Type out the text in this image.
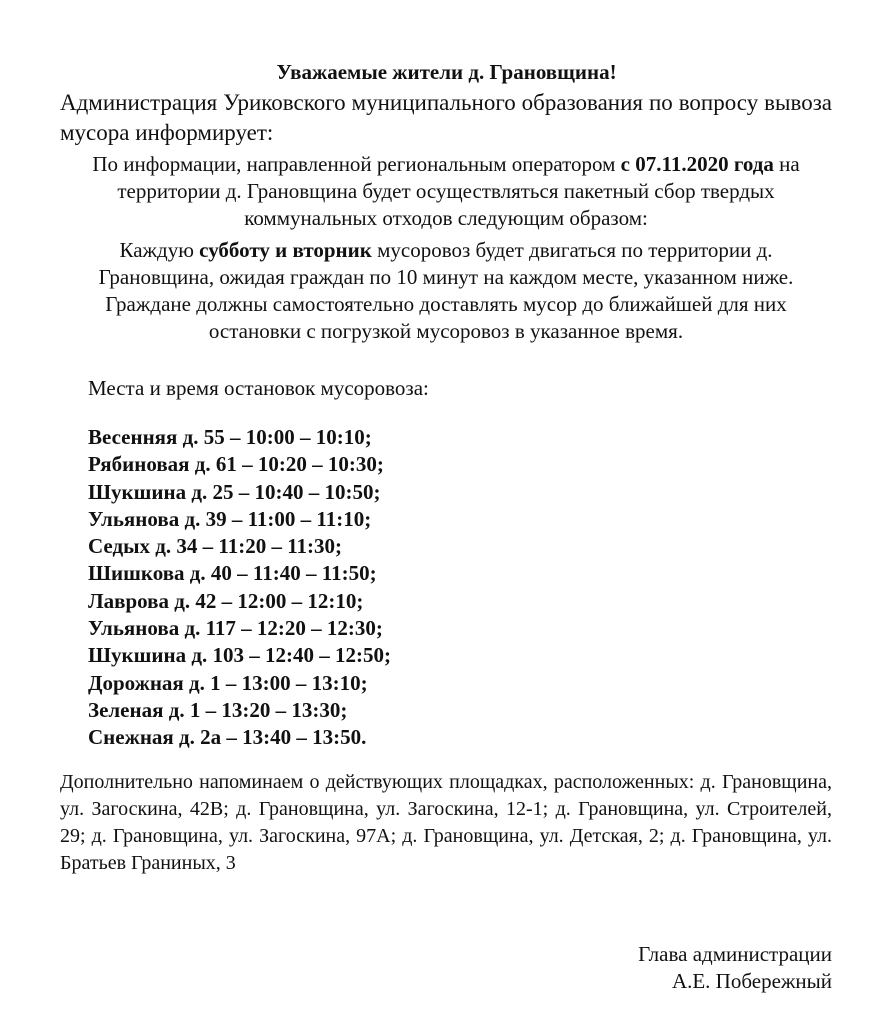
Уважаемые жители д. Грановщина!
Администрация Уриковского муниципального образования по вопросу вывоза мусора информирует:
По информации, направленной региональным оператором с 07.11.2020 года на территории д. Грановщина будет осуществляться пакетный сбор твердых коммунальных отходов следующим образом:
Каждую субботу и вторник мусоровоз будет двигаться по территории д. Грановщина, ожидая граждан по 10 минут на каждом месте, указанном ниже. Граждане должны самостоятельно доставлять мусор до ближайшей для них остановки с погрузкой мусоровоз в указанное время.
Места и время остановок мусоровоза:
Весенняя д. 55 – 10:00 – 10:10;
Рябиновая д. 61 – 10:20 – 10:30;
Шукшина д. 25 – 10:40 – 10:50;
Ульянова д. 39 – 11:00 – 11:10;
Седых д. 34 – 11:20 – 11:30;
Шишкова д. 40 – 11:40 – 11:50;
Лаврова д. 42 – 12:00 – 12:10;
Ульянова д. 117 – 12:20 – 12:30;
Шукшина д. 103 – 12:40 – 12:50;
Дорожная д. 1 – 13:00 – 13:10;
Зеленая д. 1 – 13:20 – 13:30;
Снежная д. 2а – 13:40 – 13:50.
Дополнительно напоминаем о действующих площадках, расположенных: д. Грановщина, ул. Загоскина, 42В; д. Грановщина, ул. Загоскина, 12-1; д. Грановщина, ул. Строителей, 29; д. Грановщина, ул. Загоскина, 97А; д. Грановщина, ул. Детская, 2; д. Грановщина, ул. Братьев Граниных, 3
Глава администрации
А.Е. Побережный
